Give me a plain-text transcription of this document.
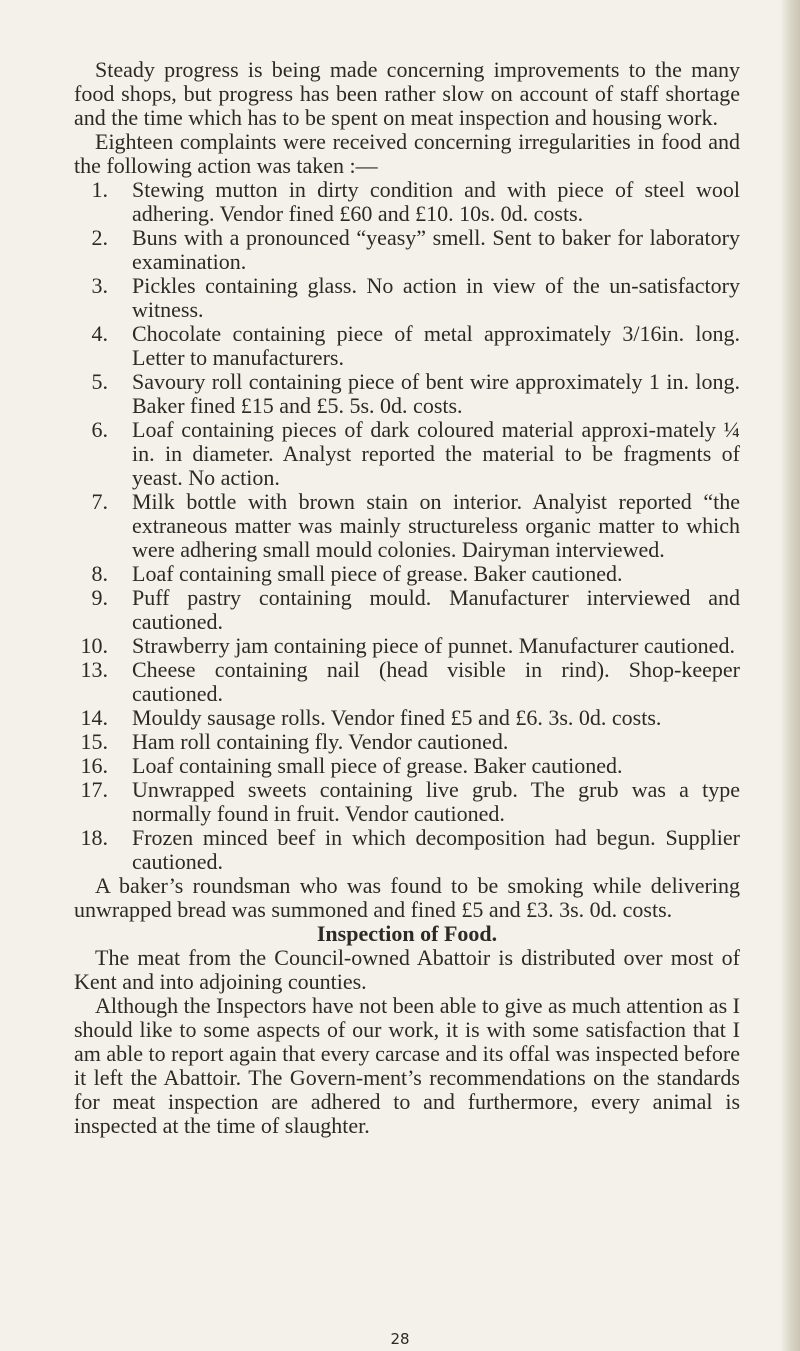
Steady progress is being made concerning improvements to the many food shops, but progress has been rather slow on account of staff shortage and the time which has to be spent on meat inspection and housing work.

Eighteen complaints were received concerning irregularities in food and the following action was taken :—

1. Stewing mutton in dirty condition and with piece of steel wool adhering. Vendor fined £60 and £10. 10s. 0d. costs.
2. Buns with a pronounced “yeasy” smell. Sent to baker for laboratory examination.
3. Pickles containing glass. No action in view of the un-satisfactory witness.
4. Chocolate containing piece of metal approximately 3/16in. long. Letter to manufacturers.
5. Savoury roll containing piece of bent wire approximately 1 in. long. Baker fined £15 and £5. 5s. 0d. costs.
6. Loaf containing pieces of dark coloured material approxi-mately ¼ in. in diameter. Analyst reported the material to be fragments of yeast. No action.
7. Milk bottle with brown stain on interior. Analyist reported “the extraneous matter was mainly structureless organic matter to which were adhering small mould colonies. Dairyman interviewed.
8. Loaf containing small piece of grease. Baker cautioned.
9. Puff pastry containing mould. Manufacturer interviewed and cautioned.
10. Strawberry jam containing piece of punnet. Manufacturer cautioned.
13. Cheese containing nail (head visible in rind). Shop-keeper cautioned.
14. Mouldy sausage rolls. Vendor fined £5 and £6. 3s. 0d. costs.
15. Ham roll containing fly. Vendor cautioned.
16. Loaf containing small piece of grease. Baker cautioned.
17. Unwrapped sweets containing live grub. The grub was a type normally found in fruit. Vendor cautioned.
18. Frozen minced beef in which decomposition had begun. Supplier cautioned.

A baker’s roundsman who was found to be smoking while delivering unwrapped bread was summoned and fined £5 and £3. 3s. 0d. costs.

Inspection of Food.

The meat from the Council-owned Abattoir is distributed over most of Kent and into adjoining counties.

Although the Inspectors have not been able to give as much attention as I should like to some aspects of our work, it is with some satisfaction that I am able to report again that every carcase and its offal was inspected before it left the Abattoir. The Govern-ment’s recommendations on the standards for meat inspection are adhered to and furthermore, every animal is inspected at the time of slaughter.

28
